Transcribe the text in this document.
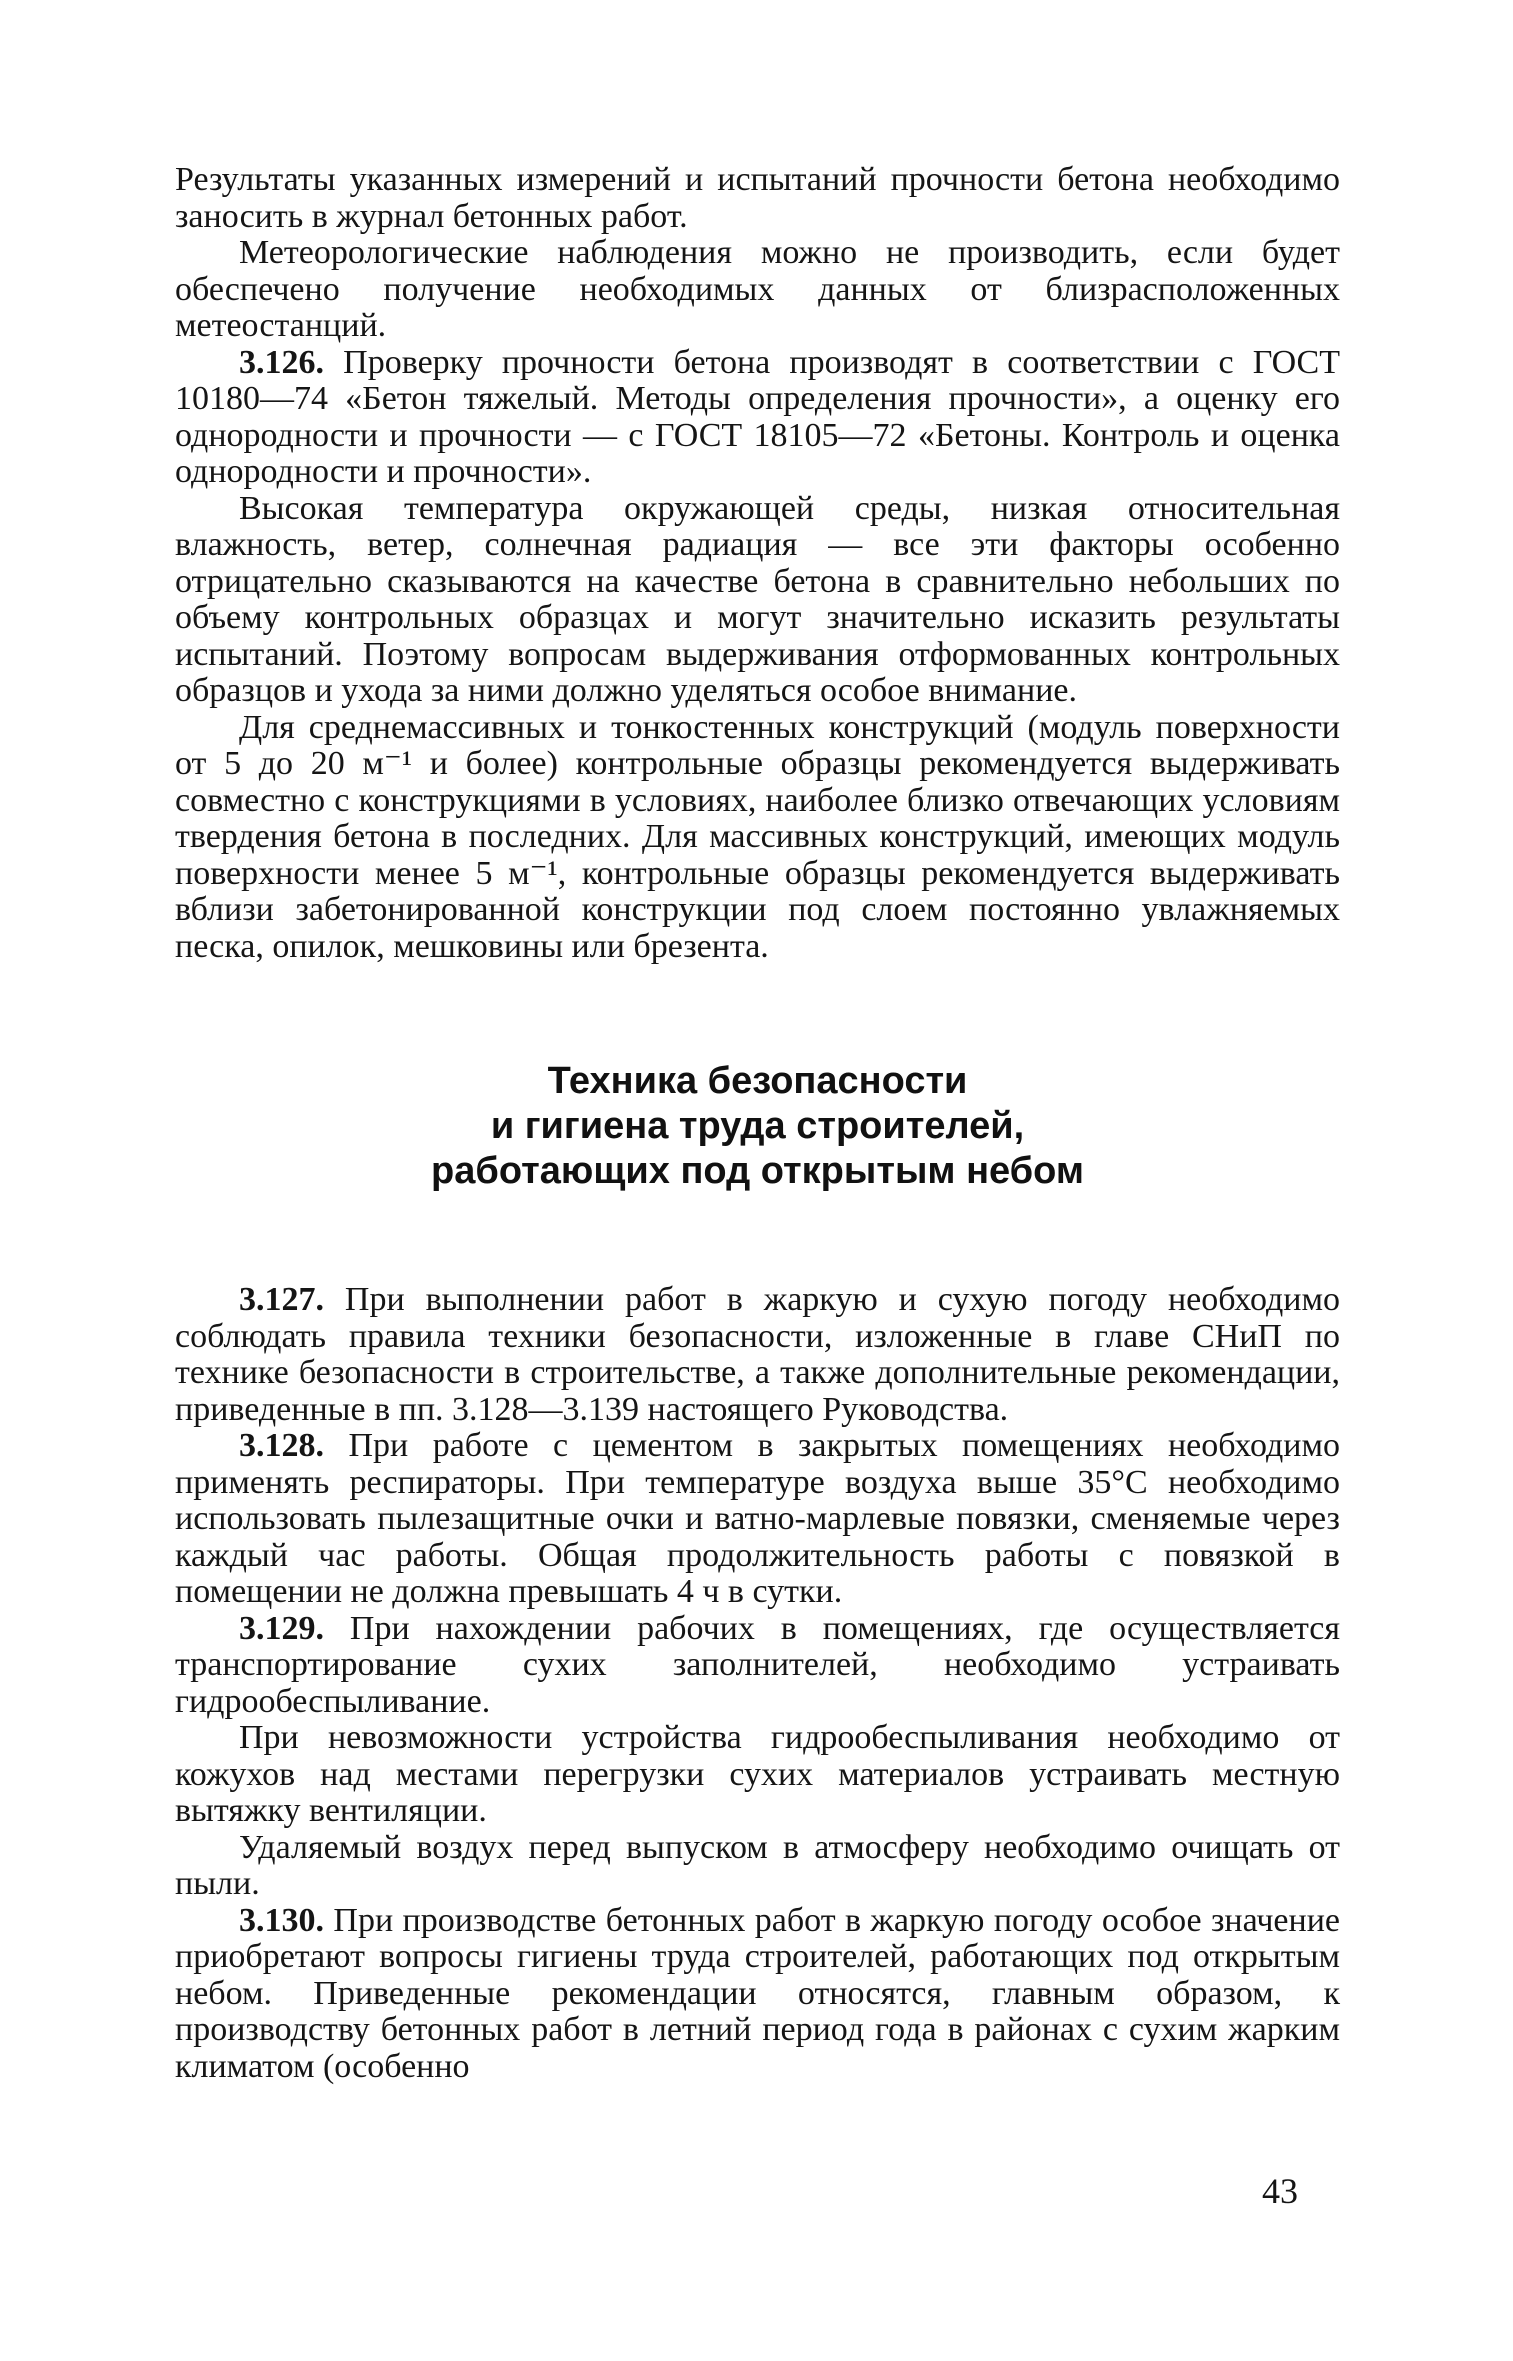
Результаты указанных измерений и испытаний прочности бетона необходимо заносить в журнал бетонных работ.

Метеорологические наблюдения можно не производить, если будет обеспечено получение необходимых данных от близрасположенных метеостанций.

3.126. Проверку прочности бетона производят в соответствии с ГОСТ 10180—74 «Бетон тяжелый. Методы определения прочности», а оценку его однородности и прочности — с ГОСТ 18105—72 «Бетоны. Контроль и оценка однородности и прочности».

Высокая температура окружающей среды, низкая относительная влажность, ветер, солнечная радиация — все эти факторы особенно отрицательно сказываются на качестве бетона в сравнительно небольших по объему контрольных образцах и могут значительно исказить результаты испытаний. Поэтому вопросам выдерживания отформованных контрольных образцов и ухода за ними должно уделяться особое внимание.

Для среднемассивных и тонкостенных конструкций (модуль поверхности от 5 до 20 м⁻¹ и более) контрольные образцы рекомендуется выдерживать совместно с конструкциями в условиях, наиболее близко отвечающих условиям твердения бетона в последних. Для массивных конструкций, имеющих модуль поверхности менее 5 м⁻¹, контрольные образцы рекомендуется выдерживать вблизи забетонированной конструкции под слоем постоянно увлажняемых песка, опилок, мешковины или брезента.

Техника безопасности
и гигиена труда строителей,
работающих под открытым небом

3.127. При выполнении работ в жаркую и сухую погоду необходимо соблюдать правила техники безопасности, изложенные в главе СНиП по технике безопасности в строительстве, а также дополнительные рекомендации, приведенные в пп. 3.128—3.139 настоящего Руководства.

3.128. При работе с цементом в закрытых помещениях необходимо применять респираторы. При температуре воздуха выше 35°С необходимо использовать пылезащитные очки и ватно-марлевые повязки, сменяемые через каждый час работы. Общая продолжительность работы с повязкой в помещении не должна превышать 4 ч в сутки.

3.129. При нахождении рабочих в помещениях, где осуществляется транспортирование сухих заполнителей, необходимо устраивать гидрообеспыливание.

При невозможности устройства гидрообеспыливания необходимо от кожухов над местами перегрузки сухих материалов устраивать местную вытяжку вентиляции.

Удаляемый воздух перед выпуском в атмосферу необходимо очищать от пыли.

3.130. При производстве бетонных работ в жаркую погоду особое значение приобретают вопросы гигиены труда строителей, работающих под открытым небом. Приведенные рекомендации относятся, главным образом, к производству бетонных работ в летний период года в районах с сухим жарким климатом (особенно

43
